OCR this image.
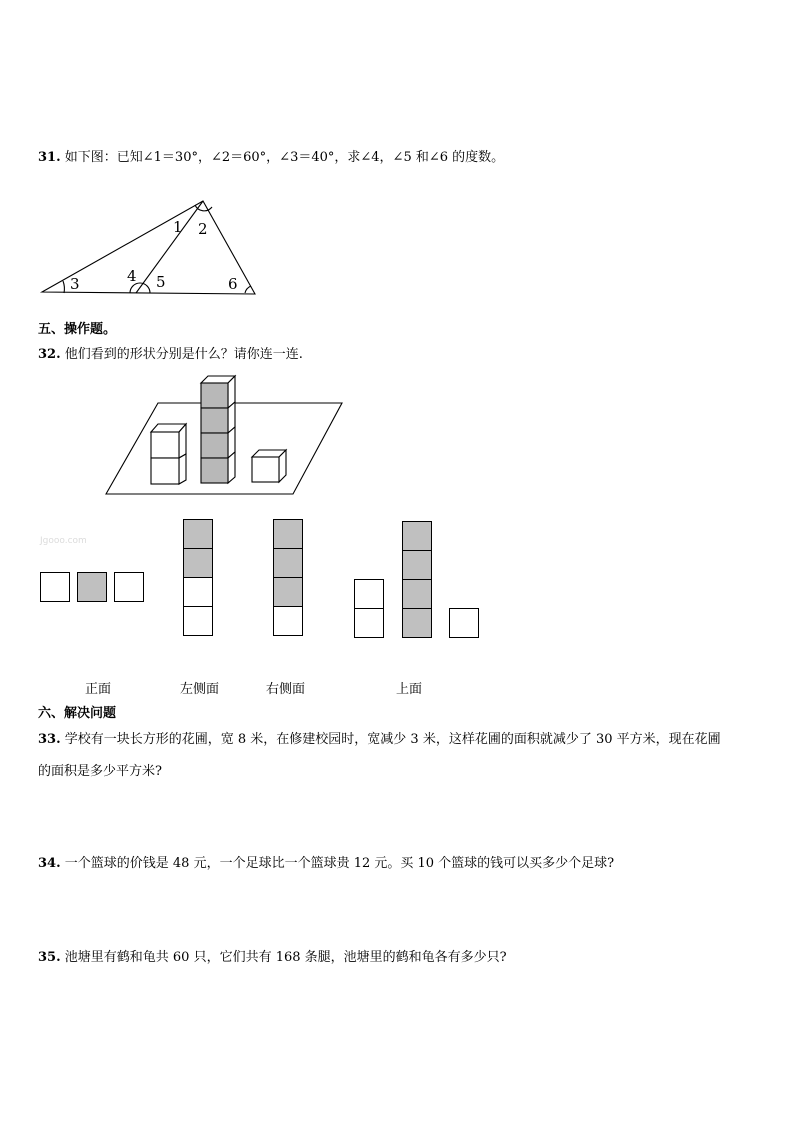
31. 如下图：已知∠1＝30°，∠2＝60°，∠3＝40°，求∠4，∠5 和∠6 的度数。
1 2
3	4 5	6
五、操作题。
32. 他们看到的形状分别是什么？请你连一连.
Jgooo.com
正面	左侧面	右侧面	上面
六、解决问题
33. 学校有一块长方形的花圃，宽 8 米，在修建校园时，宽减少 3 米，这样花圃的面积就减少了 30 平方米，现在花圃
的面积是多少平方米?
34. 一个篮球的价钱是 48 元，一个足球比一个篮球贵 12 元。买 10 个篮球的钱可以买多少个足球?
35. 池塘里有鹤和龟共 60 只，它们共有 168 条腿，池塘里的鹤和龟各有多少只?
